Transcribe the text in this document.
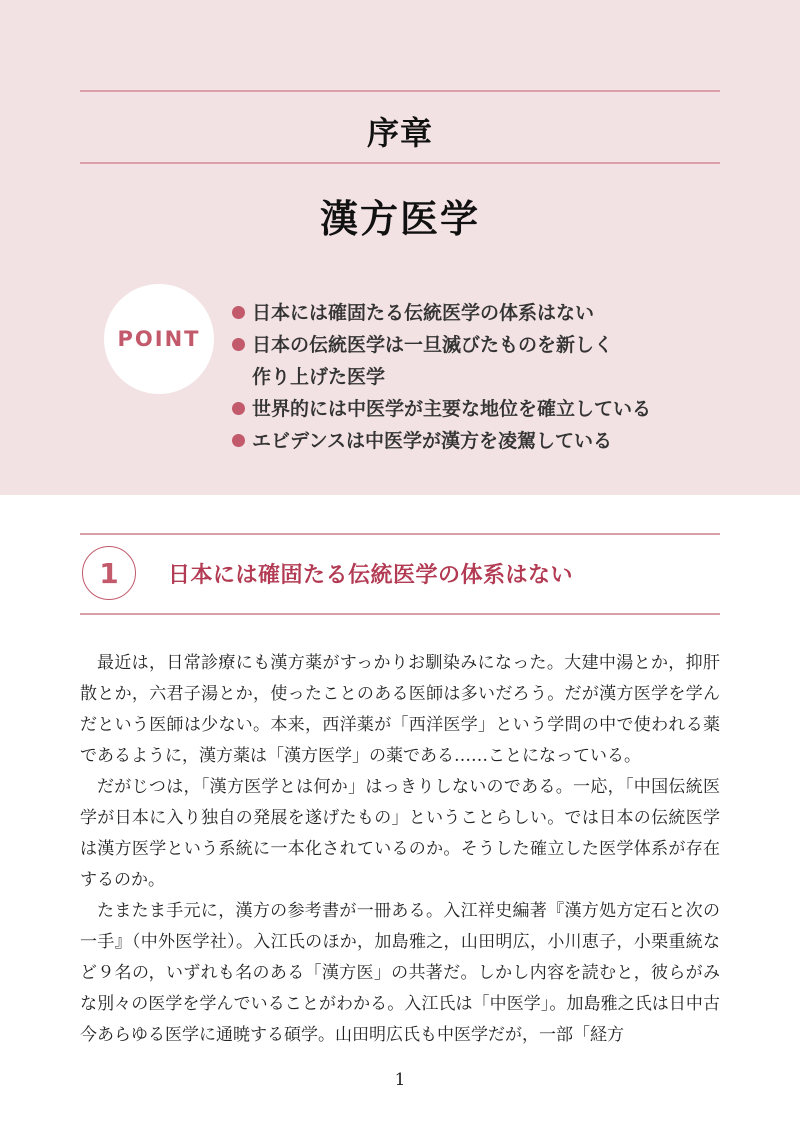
序章
漢方医学
POINT
日本には確固たる伝統医学の体系はない
日本の伝統医学は一旦滅びたものを新しく
作り上げた医学
世界的には中医学が主要な地位を確立している
エビデンスは中医学が漢方を凌駕している
1	日本には確固たる伝統医学の体系はない

最近は，日常診療にも漢方薬がすっかりお馴染みになった。大建中湯とか，抑肝散とか，六君子湯とか，使ったことのある医師は多いだろう。だが漢方医学を学んだという医師は少ない。本来，西洋薬が「西洋医学」という学問の中で使われる薬であるように，漢方薬は「漢方医学」の薬である……ことになっている。

だがじつは，「漢方医学とは何か」はっきりしないのである。一応，「中国伝統医学が日本に入り独自の発展を遂げたもの」ということらしい。では日本の伝統医学は漢方医学という系統に一本化されているのか。そうした確立した医学体系が存在するのか。

たまたま手元に，漢方の参考書が一冊ある。入江祥史編著『漢方処方定石と次の一手』（中外医学社）。入江氏のほか，加島雅之，山田明広，小川恵子，小栗重統など９名の，いずれも名のある「漢方医」の共著だ。しかし内容を読むと，彼らがみな別々の医学を学んでいることがわかる。入江氏は「中医学」。加島雅之氏は日中古今あらゆる医学に通暁する碩学。山田明広氏も中医学だが，一部「経方

1
